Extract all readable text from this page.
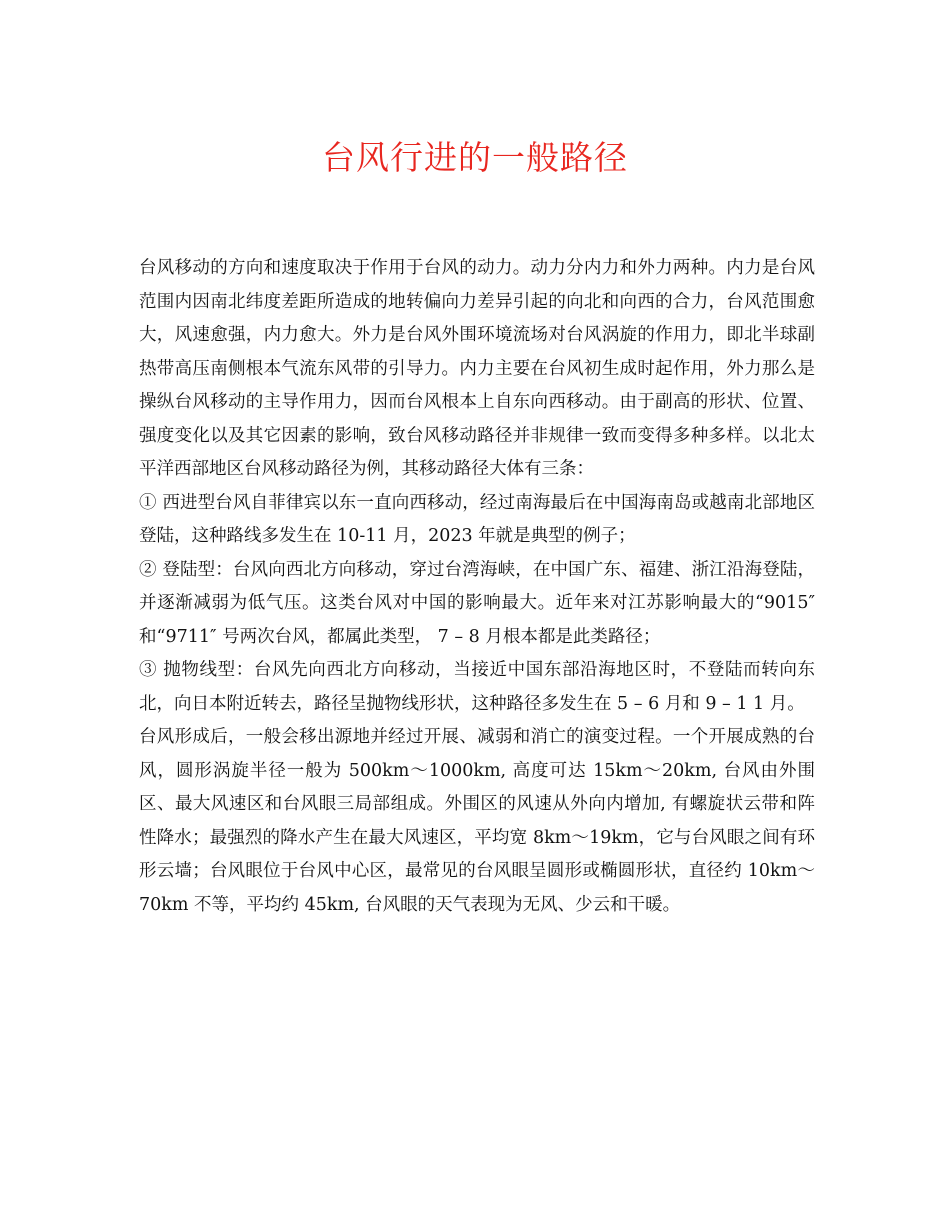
台风行进的一般路径

台风移动的方向和速度取决于作用于台风的动力。动力分内力和外力两种。内力是台风范围内因南北纬度差距所造成的地转偏向力差异引起的向北和向西的合力，台风范围愈大，风速愈强，内力愈大。外力是台风外围环境流场对台风涡旋的作用力，即北半球副热带高压南侧根本气流东风带的引导力。内力主要在台风初生成时起作用，外力那么是操纵台风移动的主导作用力，因而台风根本上自东向西移动。由于副高的形状、位置、强度变化以及其它因素的影响，致台风移动路径并非规律一致而变得多种多样。以北太平洋西部地区台风移动路径为例，其移动路径大体有三条：

① 西进型台风自菲律宾以东一直向西移动，经过南海最后在中国海南岛或越南北部地区登陆，这种路线多发生在 10-11 月，2023 年就是典型的例子；

② 登陆型：台风向西北方向移动，穿过台湾海峡，在中国广东、福建、浙江沿海登陆，并逐渐减弱为低气压。这类台风对中国的影响最大。近年来对江苏影响最大的“9015″ 和“9711″ 号两次台风，都属此类型， 7 – 8 月根本都是此类路径；

③ 抛物线型：台风先向西北方向移动，当接近中国东部沿海地区时，不登陆而转向东北，向日本附近转去，路径呈抛物线形状，这种路径多发生在 5 – 6 月和 9 – 1 1 月。

台风形成后，一般会移出源地并经过开展、减弱和消亡的演变过程。一个开展成熟的台风，圆形涡旋半径一般为 500km～1000km, 高度可达 15km～20km, 台风由外围区、最大风速区和台风眼三局部组成。外围区的风速从外向内增加, 有螺旋状云带和阵性降水；最强烈的降水产生在最大风速区，平均宽 8km～19km，它与台风眼之间有环形云墙；台风眼位于台风中心区，最常见的台风眼呈圆形或椭圆形状，直径约 10km～70km 不等，平均约 45km, 台风眼的天气表现为无风、少云和干暖。
